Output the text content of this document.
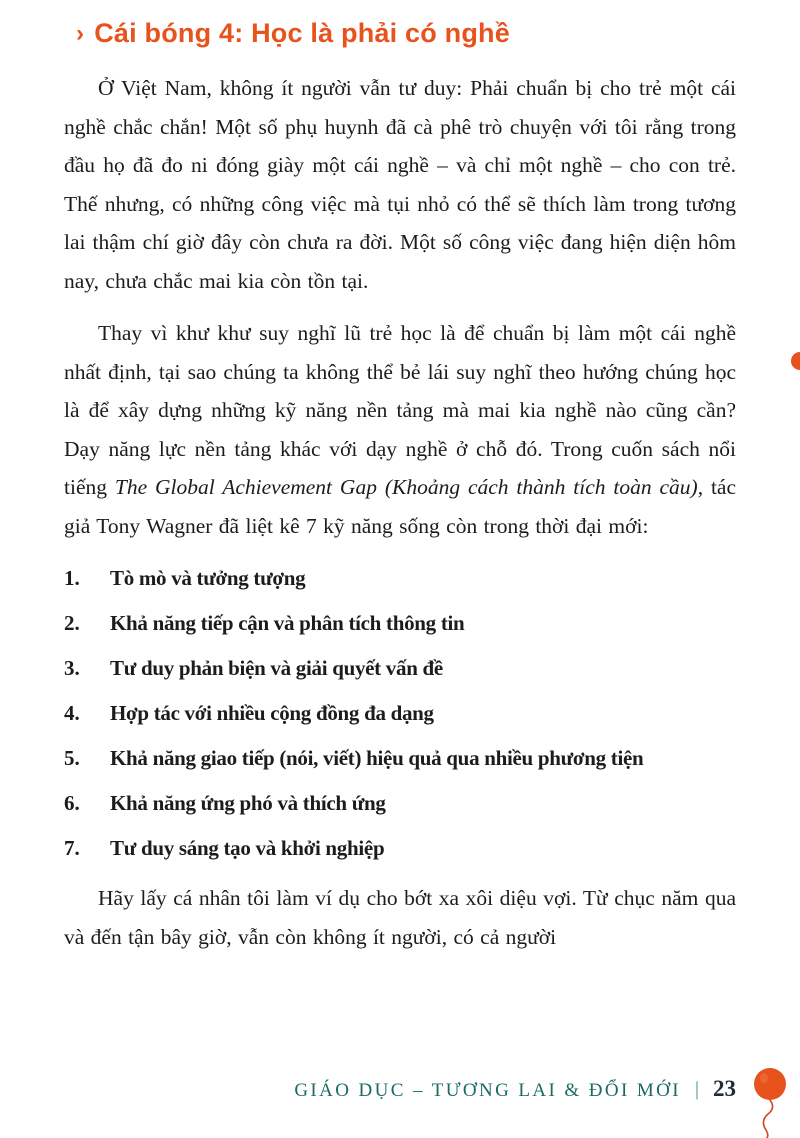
› Cái bóng 4: Học là phải có nghề

Ở Việt Nam, không ít người vẫn tư duy: Phải chuẩn bị cho trẻ một cái nghề chắc chắn! Một số phụ huynh đã cà phê trò chuyện với tôi rằng trong đầu họ đã đo ni đóng giày một cái nghề – và chỉ một nghề – cho con trẻ. Thế nhưng, có những công việc mà tụi nhỏ có thể sẽ thích làm trong tương lai thậm chí giờ đây còn chưa ra đời. Một số công việc đang hiện diện hôm nay, chưa chắc mai kia còn tồn tại.

Thay vì khư khư suy nghĩ lũ trẻ học là để chuẩn bị làm một cái nghề nhất định, tại sao chúng ta không thể bẻ lái suy nghĩ theo hướng chúng học là để xây dựng những kỹ năng nền tảng mà mai kia nghề nào cũng cần? Dạy năng lực nền tảng khác với dạy nghề ở chỗ đó. Trong cuốn sách nổi tiếng The Global Achievement Gap (Khoảng cách thành tích toàn cầu), tác giả Tony Wagner đã liệt kê 7 kỹ năng sống còn trong thời đại mới:

1.	Tò mò và tưởng tượng
2.	Khả năng tiếp cận và phân tích thông tin
3.	Tư duy phản biện và giải quyết vấn đề
4.	Hợp tác với nhiều cộng đồng đa dạng
5.	Khả năng giao tiếp (nói, viết) hiệu quả qua nhiều phương tiện
6.	Khả năng ứng phó và thích ứng
7.	Tư duy sáng tạo và khởi nghiệp

Hãy lấy cá nhân tôi làm ví dụ cho bớt xa xôi diệu vợi. Từ chục năm qua và đến tận bây giờ, vẫn còn không ít người, có cả người

GIÁO DỤC – TƯƠNG LAI & ĐỔI MỚI | 23
